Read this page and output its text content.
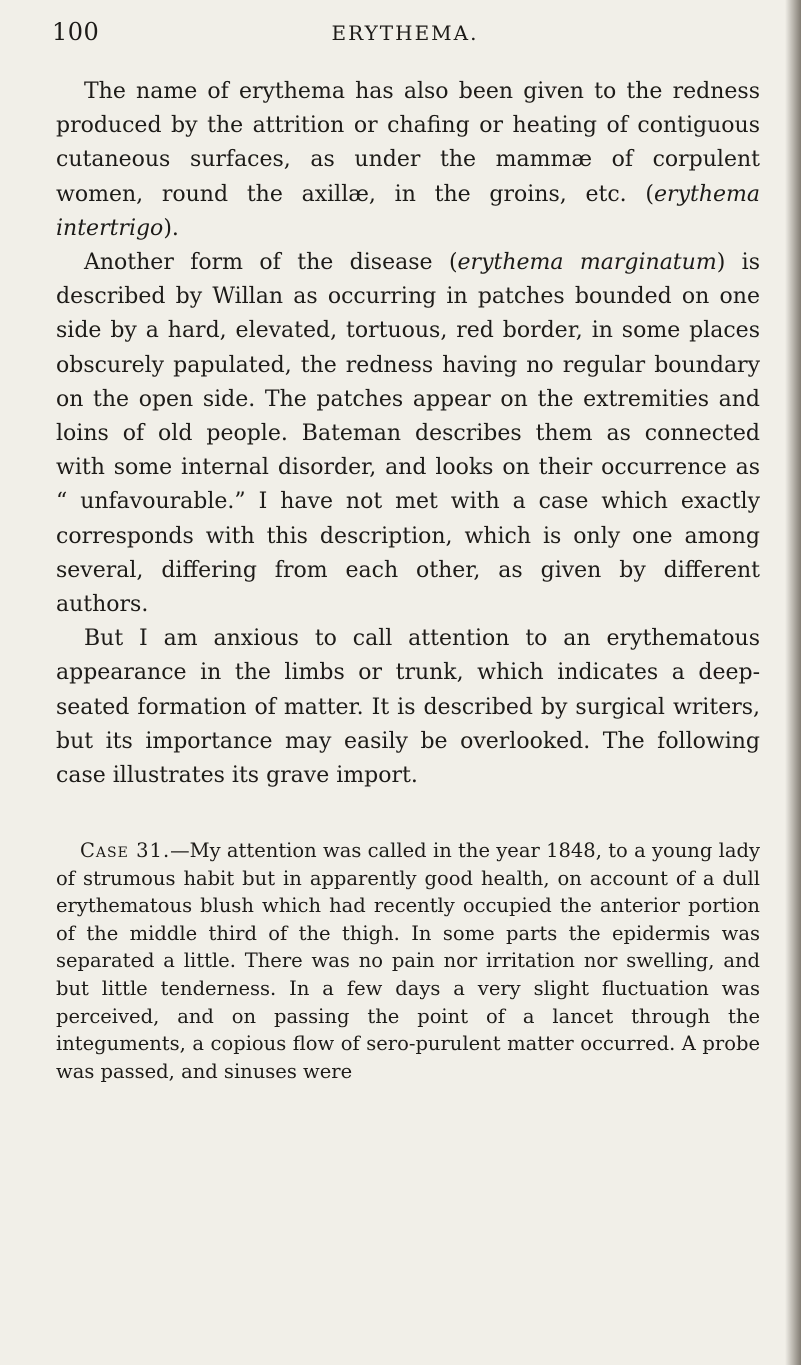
100	ERYTHEMA.

The name of erythema has also been given to the redness produced by the attrition or chafing or heating of contiguous cutaneous surfaces, as under the mammæ of corpulent women, round the axillæ, in the groins, etc. (erythema intertrigo).

Another form of the disease (erythema marginatum) is described by Willan as occurring in patches bounded on one side by a hard, elevated, tortuous, red border, in some places obscurely papulated, the redness having no regular boundary on the open side. The patches appear on the extremities and loins of old people. Bateman describes them as connected with some internal disorder, and looks on their occurrence as “ unfavourable.” I have not met with a case which exactly corresponds with this description, which is only one among several, differing from each other, as given by different authors.

But I am anxious to call attention to an erythematous appearance in the limbs or trunk, which indicates a deep-seated formation of matter. It is described by surgical writers, but its importance may easily be overlooked. The following case illustrates its grave import.

Case 31.—My attention was called in the year 1848, to a young lady of strumous habit but in apparently good health, on account of a dull erythematous blush which had recently occupied the anterior portion of the middle third of the thigh. In some parts the epidermis was separated a little. There was no pain nor irritation nor swelling, and but little tenderness. In a few days a very slight fluctuation was perceived, and on passing the point of a lancet through the integuments, a copious flow of sero-purulent matter occurred. A probe was passed, and sinuses were
